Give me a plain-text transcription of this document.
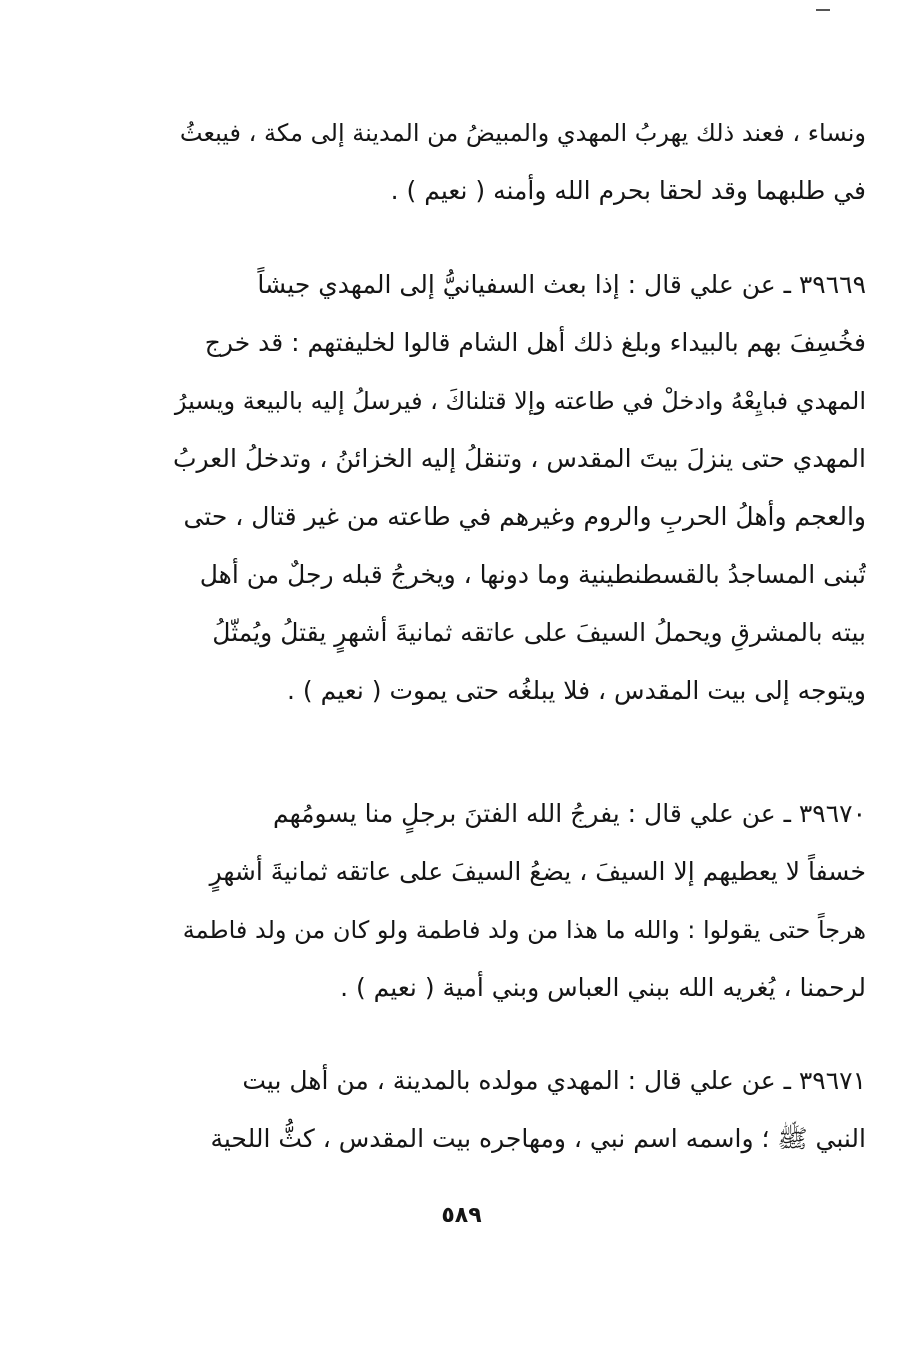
ونساء ، فعند ذلك يهربُ المهدي والمبيضُ من المدينة إلى مكة ، فيبعثُ
في طلبهما وقد لحقا بحرم الله وأمنه ( نعيم ) .
٣٩٦٦٩ ـ عن علي قال : إذا بعث السفيانيُّ إلى المهدي جيشاً
فخُسِفَ بهم بالبيداء وبلغ ذلك أهل الشام قالوا لخليفتهم : قد خرج
المهدي فبايِعْهُ وادخلْ في طاعته وإلا قتلناكَ ، فيرسلُ إليه بالبيعة ويسيرُ
المهدي حتى ينزلَ بيتَ المقدس ، وتنقلُ إليه الخزائنُ ، وتدخلُ العربُ
والعجم وأهلُ الحربِ والروم وغيرهم في طاعته من غير قتال ، حتى
تُبنى المساجدُ بالقسطنطينية وما دونها ، ويخرجُ قبله رجلٌ من أهل
بيته بالمشرقِ ويحملُ السيفَ على عاتقه ثمانيةَ أشهرٍ يقتلُ ويُمثّلُ
ويتوجه إلى بيت المقدس ، فلا يبلغُه حتى يموت ( نعيم ) .
٣٩٦٧٠ ـ عن علي قال : يفرجُ الله الفتنَ برجلٍ منا يسومُهم
خسفاً لا يعطيهم إلا السيفَ ، يضعُ السيفَ على عاتقه ثمانيةَ أشهرٍ
هرجاً حتى يقولوا : والله ما هذا من ولد فاطمة ولو كان من ولد فاطمة
لرحمنا ، يُغريه الله ببني العباس وبني أمية ( نعيم ) .
٣٩٦٧١ ـ عن علي قال : المهدي مولده بالمدينة ، من أهل بيت
النبي ﷺ ؛ واسمه اسم نبي ، ومهاجره بيت المقدس ، كثُّ اللحية
٥٨٩
